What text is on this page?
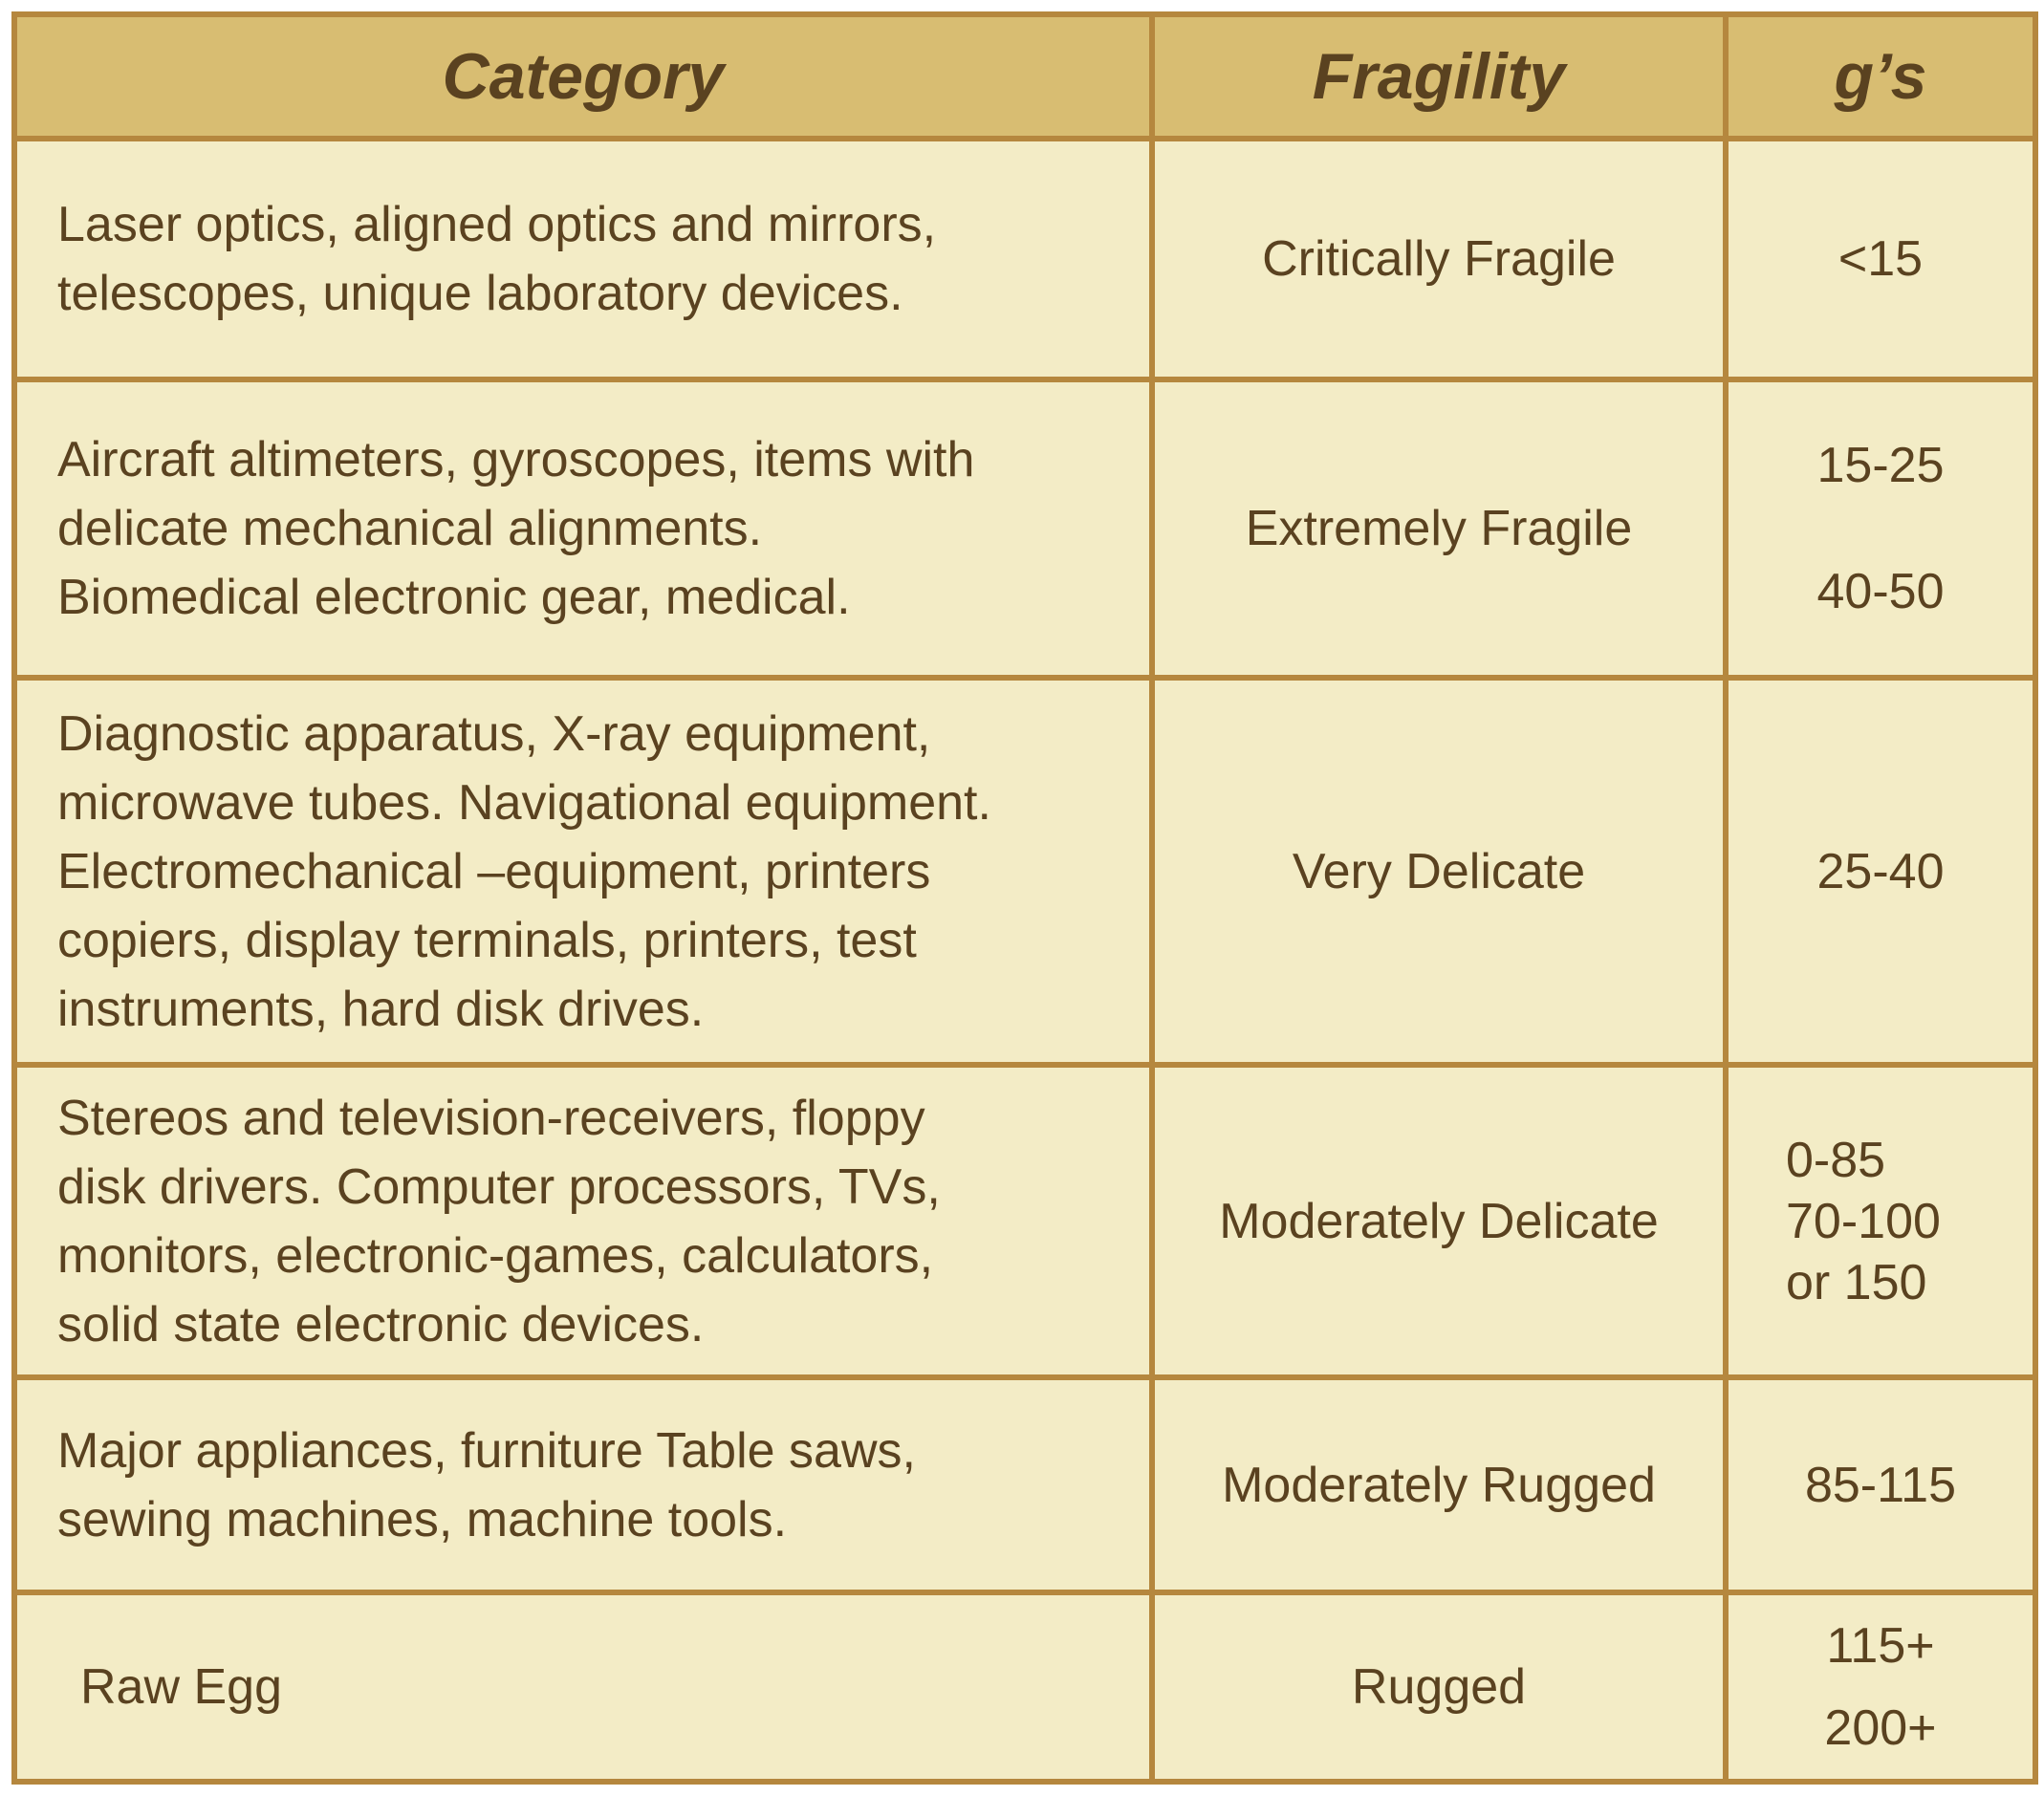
Category	Fragility	g’s

Laser optics, aligned optics and mirrors,
telescopes, unique laboratory devices.	Critically Fragile	<15

Aircraft altimeters, gyroscopes, items with
delicate mechanical alignments.
Biomedical electronic gear, medical.	Extremely Fragile	15-25
40-50

Diagnostic apparatus, X-ray equipment,
microwave tubes. Navigational equipment.
Electromechanical –equipment, printers
copiers, display terminals, printers, test
instruments, hard disk drives.	Very Delicate	25-40

Stereos and television-receivers, floppy
disk drivers. Computer processors, TVs,
monitors, electronic-games, calculators,
solid state electronic devices.	Moderately Delicate	0-85
70-100
or 150

Major appliances, furniture Table saws,
sewing machines, machine tools.	Moderately Rugged	85-115

Raw Egg	Rugged	115+
200+
